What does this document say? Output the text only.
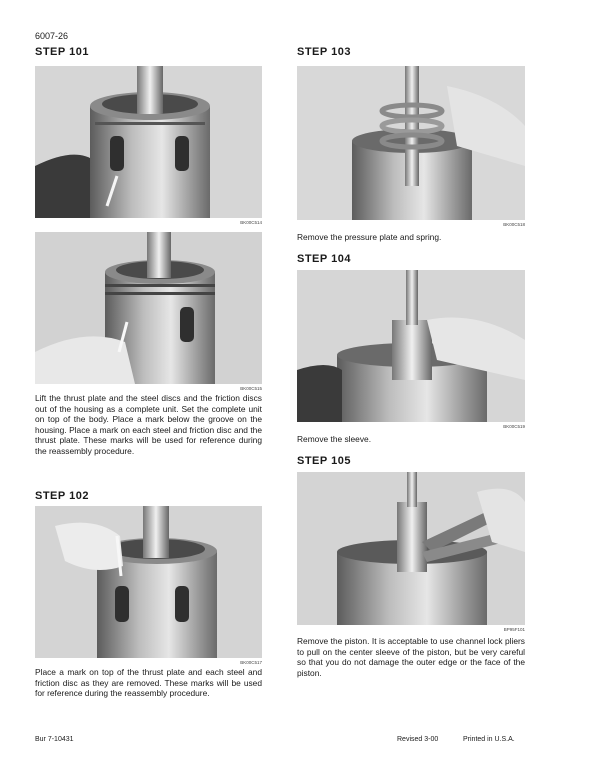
6007-26
STEP 101
BK00C514
BK00C515
Lift the thrust plate and the steel discs and the friction discs out of the housing as a complete unit. Set the complete unit on top of the body. Place a mark below the groove on the housing. Place a mark on each steel and friction disc and the thrust plate. These marks will be used for reference during the reassembly procedure.
STEP 102
BK00C517
Place a mark on top of the thrust plate and each steel and friction disc as they are removed. These marks will be used for reference during the reassembly procedure.
STEP 103
BK00C518
Remove the pressure plate and spring.
STEP 104
BK00C519
Remove the sleeve.
STEP 105
BP95F101
Remove the piston. It is acceptable to use channel lock pliers to pull on the center sleeve of the piston, but be very careful so that you do not damage the outer edge or the face of the piston.
Bur 7-10431	Revised 3-00	Printed in U.S.A.
